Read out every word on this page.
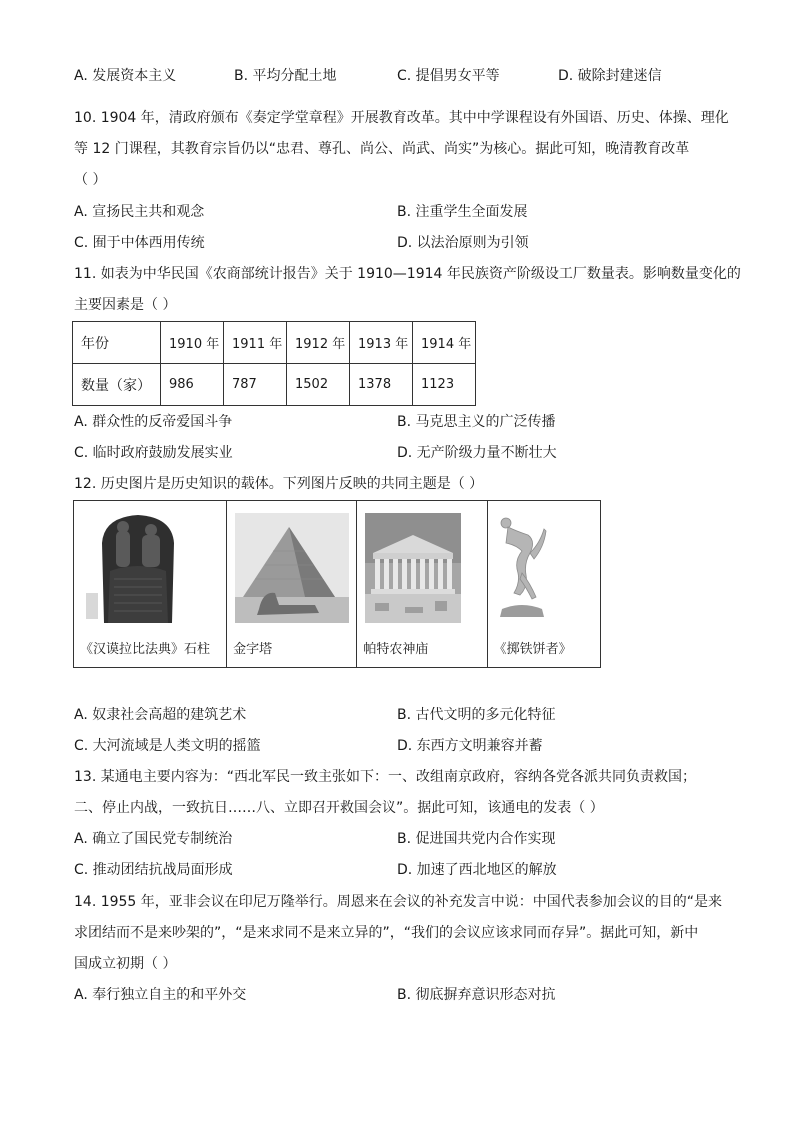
A. 发展资本主义	B. 平均分配土地	C. 提倡男女平等	D. 破除封建迷信
10. 1904 年，清政府颁布《奏定学堂章程》开展教育改革。其中中学课程设有外国语、历史、体操、理化
等 12 门课程，其教育宗旨仍以“忠君、尊孔、尚公、尚武、尚实”为核心。据此可知，晚清教育改革
（ ）
A. 宣扬民主共和观念	B. 注重学生全面发展
C. 囿于中体西用传统	D. 以法治原则为引领
11. 如表为中华民国《农商部统计报告》关于 1910—1914 年民族资产阶级设工厂数量表。影响数量变化的
主要因素是（ ）
年份	1910 年	1911 年	1912 年	1913 年	1914 年
数量（家）	986	787	1502	1378	1123
A. 群众性的反帝爱国斗争	B. 马克思主义的广泛传播
C. 临时政府鼓励发展实业	D. 无产阶级力量不断壮大
12. 历史图片是历史知识的载体。下列图片反映的共同主题是（ ）
《汉谟拉比法典》石柱 金字塔	帕特农神庙	《掷铁饼者》
A. 奴隶社会高超的建筑艺术	B. 古代文明的多元化特征
C. 大河流域是人类文明的摇篮	D. 东西方文明兼容并蓄
13. 某通电主要内容为：“西北军民一致主张如下：一、改组南京政府，容纳各党各派共同负责救国；
二、停止内战，一致抗日……八、立即召开救国会议”。据此可知，该通电的发表（ ）
A. 确立了国民党专制统治	B. 促进国共党内合作实现
C. 推动团结抗战局面形成	D. 加速了西北地区的解放
14. 1955 年，亚非会议在印尼万隆举行。周恩来在会议的补充发言中说：中国代表参加会议的目的“是来
求团结而不是来吵架的”，“是来求同不是来立异的”，“我们的会议应该求同而存异”。据此可知，新中
国成立初期（ ）
A. 奉行独立自主的和平外交	B. 彻底摒弃意识形态对抗
